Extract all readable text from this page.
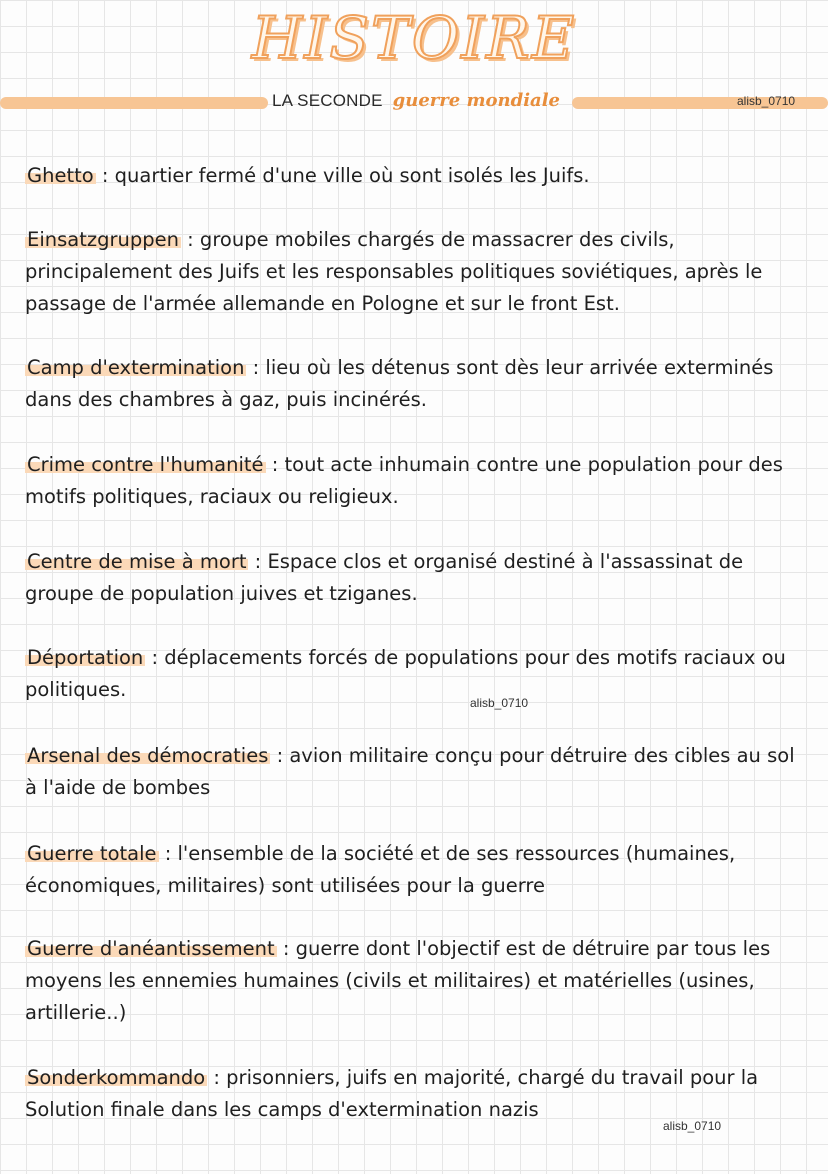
HISTOIRE
LA SECONDE guerre mondiale	alisb_0710
Ghetto : quartier fermé d'une ville où sont isolés les Juifs.
Einsatzgruppen : groupe mobiles chargés de massacrer des civils, principalement des Juifs et les responsables politiques soviétiques, après le passage de l'armée allemande en Pologne et sur le front Est.
Camp d'extermination : lieu où les détenus sont dès leur arrivée exterminés dans des chambres à gaz, puis incinérés.
Crime contre l'humanité : tout acte inhumain contre une population pour des motifs politiques, raciaux ou religieux.
Centre de mise à mort : Espace clos et organisé destiné à l'assassinat de groupe de population juives et tziganes.
Déportation : déplacements forcés de populations pour des motifs raciaux ou politiques.
alisb_0710
Arsenal des démocraties : avion militaire conçu pour détruire des cibles au sol à l'aide de bombes
Guerre totale : l'ensemble de la société et de ses ressources (humaines, économiques, militaires) sont utilisées pour la guerre
Guerre d'anéantissement : guerre dont l'objectif est de détruire par tous les moyens les ennemies humaines (civils et militaires) et matérielles (usines, artillerie..)
Sonderkommando : prisonniers, juifs en majorité, chargé du travail pour la Solution finale dans les camps d'extermination nazis
alisb_0710
